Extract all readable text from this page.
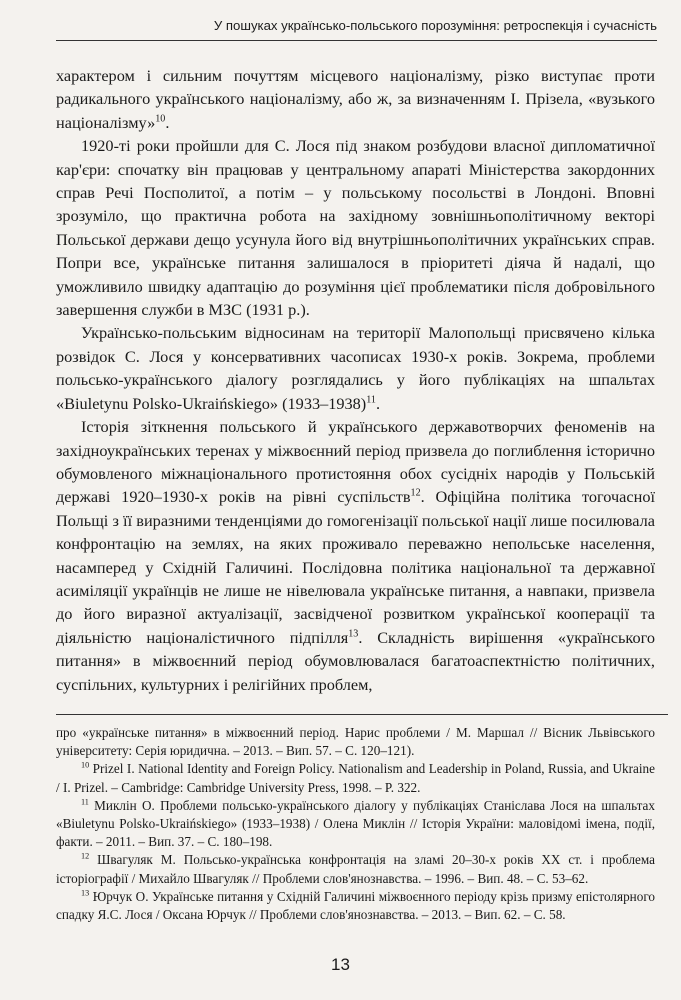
У пошуках українсько-польського порозуміння: ретроспекція і сучасність

характером і сильним почуттям місцевого націоналізму, різко виступає проти радикального українського націоналізму, або ж, за визначенням І. Прізела, «вузького націоналізму»$^{10}$.

1920-ті роки пройшли для С. Лося під знаком розбудови власної дипломатичної кар'єри: спочатку він працював у центральному апараті Міністерства закордонних справ Речі Посполитої, а потім – у польському посольстві в Лондоні. Вповні зрозуміло, що практична робота на західному зовнішньополітичному векторі Польської держави дещо усунула його від внутрішньополітичних українських справ. Попри все, українське питання залишалося в пріоритеті діяча й надалі, що уможливило швидку адаптацію до розуміння цієї проблематики після добровільного завершення служби в МЗС (1931 р.).

Українсько-польським відносинам на території Малопольщі присвячено кілька розвідок С. Лося у консервативних часописах 1930-х років. Зокрема, проблеми польсько-українського діалогу розглядались у його публікаціях на шпальтах «Biuletynu Polsko-Ukraińskiego» (1933–1938)$^{11}$.

Історія зіткнення польського й українського державотворчих феноменів на західноукраїнських теренах у міжвоєнний період призвела до поглиблення історично обумовленого міжнаціонального протистояння обох сусідніх народів у Польській державі 1920–1930-х років на рівні суспільств$^{12}$. Офіційна політика тогочасної Польщі з її виразними тенденціями до гомогенізації польської нації лише посилювала конфронтацію на землях, на яких проживало переважно непольське населення, насамперед у Східній Галичині. Послідовна політика національної та державної асиміляції українців не лише не нівелювала українське питання, а навпаки, призвела до його виразної актуалізації, засвідченої розвитком української кооперації та діяльністю націоналістичного підпілля$^{13}$. Складність вирішення «українського питання» в міжвоєнний період обумовлювалася багатоаспектністю політичних, суспільних, культурних і релігійних проблем,

про «українське питання» в міжвоєнний період. Нарис проблеми / М. Маршал // Вісник Львівського університету: Серія юридична. – 2013. – Вип. 57. – С. 120–121).

$^{10}$ Prizel I. National Identity and Foreign Policy. Nationalism and Leadership in Poland, Russia, and Ukraine / I. Prizel. – Cambridge: Cambridge University Press, 1998. – P. 322.

$^{11}$ Миклін О. Проблеми польсько-українського діалогу у публікаціях Станіслава Лося на шпальтах «Biuletynu Polsko-Ukraińskiego» (1933–1938) / Олена Миклін // Історія України: маловідомі імена, події, факти. – 2011. – Вип. 37. – С. 180–198.

$^{12}$ Швагуляк М. Польсько-українська конфронтація на зламі 20–30-х років XX ст. і проблема історіографії / Михайло Швагуляк // Проблеми слов'янознавства. – 1996. – Вип. 48. – С. 53–62.

$^{13}$ Юрчук О. Українське питання у Східній Галичині міжвоєнного періоду крізь призму епістолярного спадку Я.С. Лося / Оксана Юрчук // Проблеми слов'янознавства. – 2013. – Вип. 62. – С. 58.

13
